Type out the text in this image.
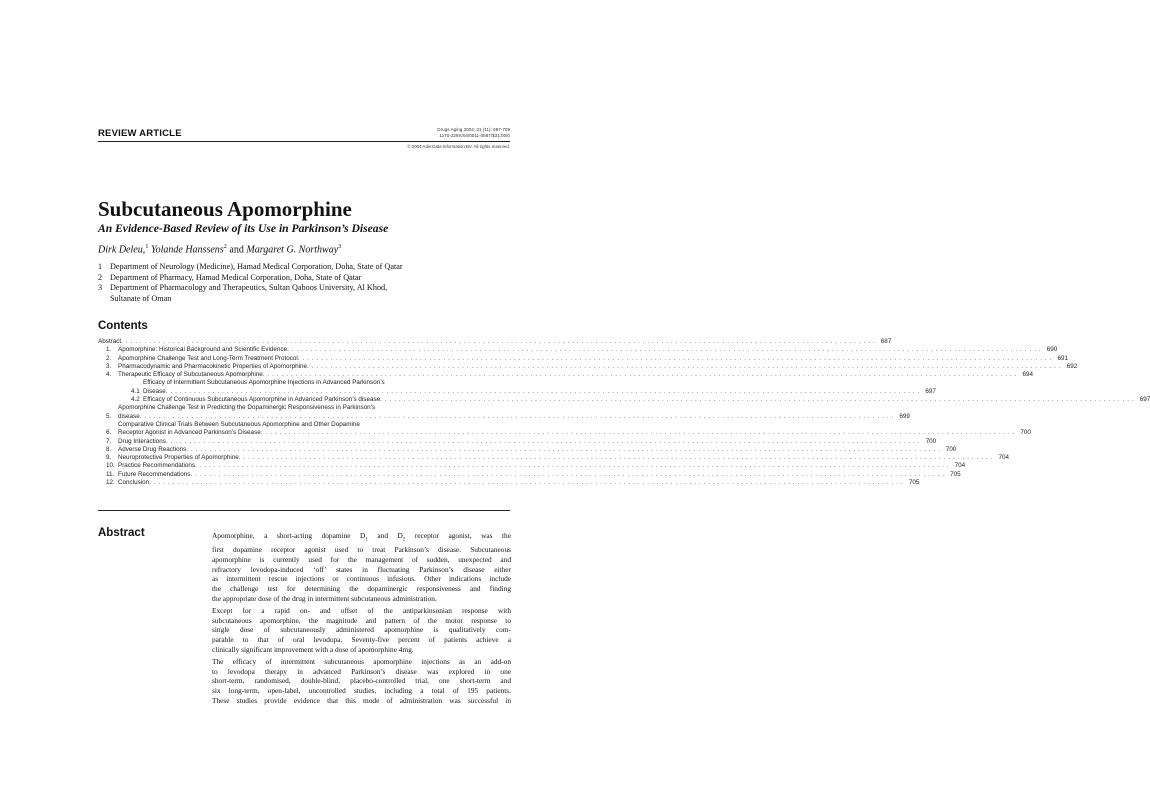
REVIEW ARTICLE	Drugs Aging 2004; 21 (11): 687-709
1170-229X/04/0011-0687/$31.00/0
© 2004 Adis Data Information BV. All rights reserved.
Subcutaneous Apomorphine
An Evidence-Based Review of its Use in Parkinson’s Disease
Dirk Deleu,$^1$ Yolande Hanssens$^2$ and Margaret G. Northway$^3$
1 Department of Neurology (Medicine), Hamad Medical Corporation, Doha, State of Qatar
2 Department of Pharmacy, Hamad Medical Corporation, Doha, State of Qatar
3 Department of Pharmacology and Therapeutics, Sultan Qaboos University, Al Khod,
Sultanate of Oman
Contents
Abstract . . .	687
1.	Apomorphine: Historical Background and Scientific Evidence . . .	690
2.	Apomorphine Challenge Test and Long-Term Treatment Protocol . . .	691
3.	Pharmacodynamic and Pharmacokinetic Properties of Apomorphine . . .	692
4.	Therapeutic Efficacy of Subcutaneous Apomorphine . . .	694
4.1
Efficacy of Intermittent Subcutaneous Apomorphine Injections in Advanced Parkinson’s
Disease . . .	697
4.2 Efficacy of Continuous Subcutaneous Apomorphine in Advanced Parkinson’s disease . . .	697
5.
Apomorphine Challenge Test in Predicting the Dopaminergic Responsiveness in Parkinson’s
disease . . .	699
6.
Comparative Clinical Trials Between Subcutaneous Apomorphine and Other Dopamine
Receptor Agonist in Advanced Parkinson’s Disease . . .	700
7.	Drug Interactions . . .	700
8.	Adverse Drug Reactions . . .	700
9.	Neuroprotective Properties of Apomorphine . . .	704
10. Practice Recommendations . . .	704
11. Future Recommendations . . .	705
12. Conclusion . . .	705
Abstract	Apomorphine, a short-acting dopamine $D_1$ and $D_2$ receptor agonist, was the
first dopamine receptor agonist used to treat Parkinson’s disease. Subcutaneous
apomorphine is currently used for the management of sudden, unexpected and
refractory levodopa-induced ‘off’ states in fluctuating Parkinson’s disease either
as intermittent rescue injections or continuous infusions. Other indications include
the challenge test for determining the dopaminergic responsiveness and finding
the appropriate dose of the drug in intermittent subcutaneous administration.

Except for a rapid on- and offset of the antiparkinsonian response with
subcutaneous apomorphine, the magnitude and pattern of the motor response to
single dose of subcutaneously administered apomorphine is qualitatively com-
parable to that of oral levodopa. Seventy-five percent of patients achieve a
clinically significant improvement with a dose of apomorphine 4mg.

The efficacy of intermittent subcutaneous apomorphine injections as an add-on
to levodopa therapy in advanced Parkinson’s disease was explored in one
short-term, randomised, double-blind, placebo-controlled trial, one short-term and
six long-term, open-label, uncontrolled studies, including a total of 195 patients.
These studies provide evidence that this mode of administration was successful in
